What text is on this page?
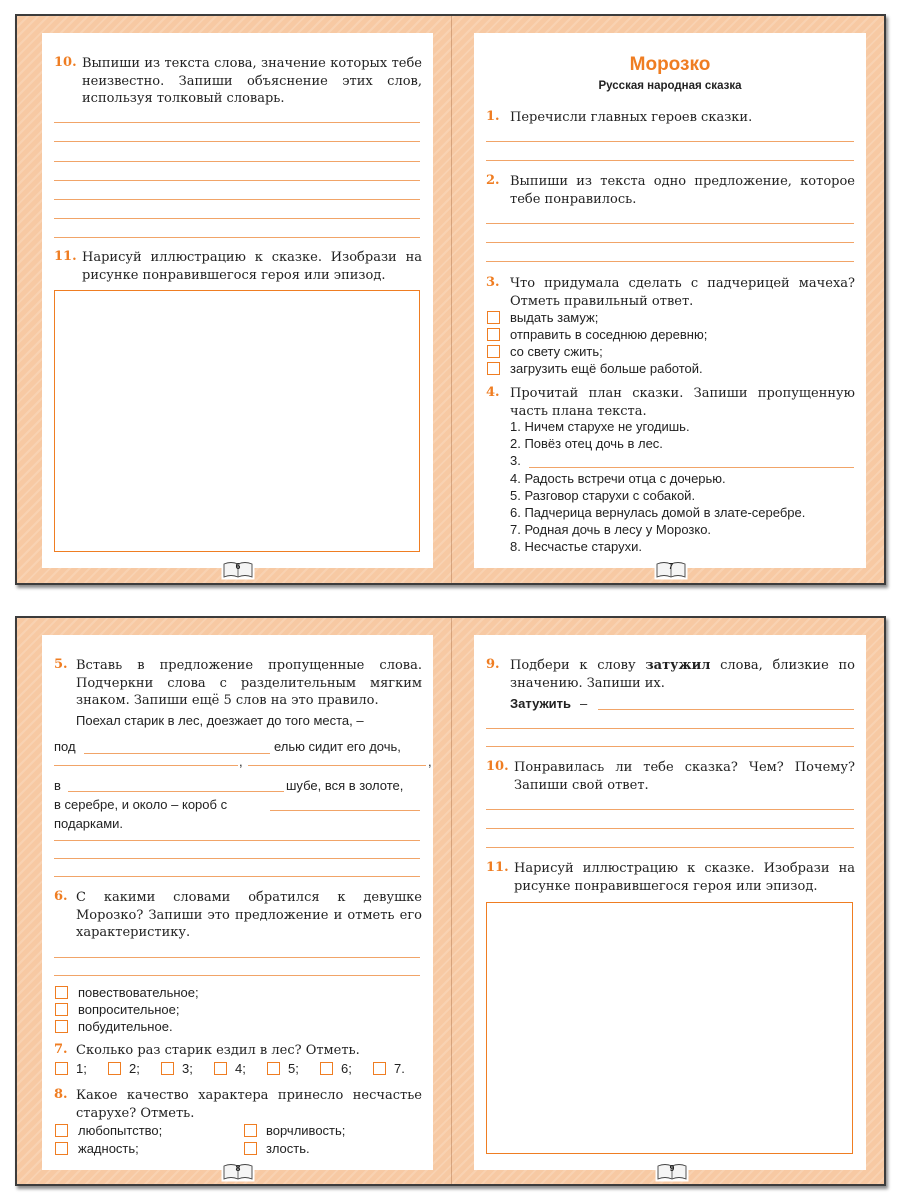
10. Выпиши из текста слова, значение которых тебе неизвестно. Запиши объяснение этих слов, используя толковый словарь.
11. Нарисуй иллюстрацию к сказке. Изобрази на рисунке понравившегося героя или эпизод.
6
Морозко
Русская народная сказка
1. Перечисли главных героев сказки.
2. Выпиши из текста одно предложение, которое тебе понравилось.
3. Что придумала сделать с падчерицей мачеха? Отметь правильный ответ.
выдать замуж;
отправить в соседнюю деревню;
со свету сжить;
загрузить ещё больше работой.
4. Прочитай план сказки. Запиши пропущенную часть плана текста.
1. Ничем старухе не угодишь.
2. Повёз отец дочь в лес.
3.
4. Радость встречи отца с дочерью.
5. Разговор старухи с собакой.
6. Падчерица вернулась домой в злате-серебре.
7. Родная дочь в лесу у Морозко.
8. Несчастье старухи.
7
5. Вставь в предложение пропущенные слова. Подчеркни слова с разделительным мягким знаком. Запиши ещё 5 слов на это правило.
Поехал старик в лес, доезжает до того места, –
под	елью сидит его дочь,
,	,
в	шубе, вся в золоте,
в серебре, и около – короб с
подарками.
6. С какими словами обратился к девушке Морозко? Запиши это предложение и отметь его характеристику.
повествовательное;
вопросительное;
побудительное.
7. Сколько раз старик ездил в лес? Отметь.
1;	2;	3;	4;	5;	6;	7.
8. Какое качество характера принесло несчастье старухе? Отметь.
любопытство;	ворчливость;
жадность;	злость.
8
9. Подбери к слову затужил слова, близкие по значению. Запиши их.
Затужить –
10. Понравилась ли тебе сказка? Чем? Почему? Запиши свой ответ.
11. Нарисуй иллюстрацию к сказке. Изобрази на рисунке понравившегося героя или эпизод.
9
